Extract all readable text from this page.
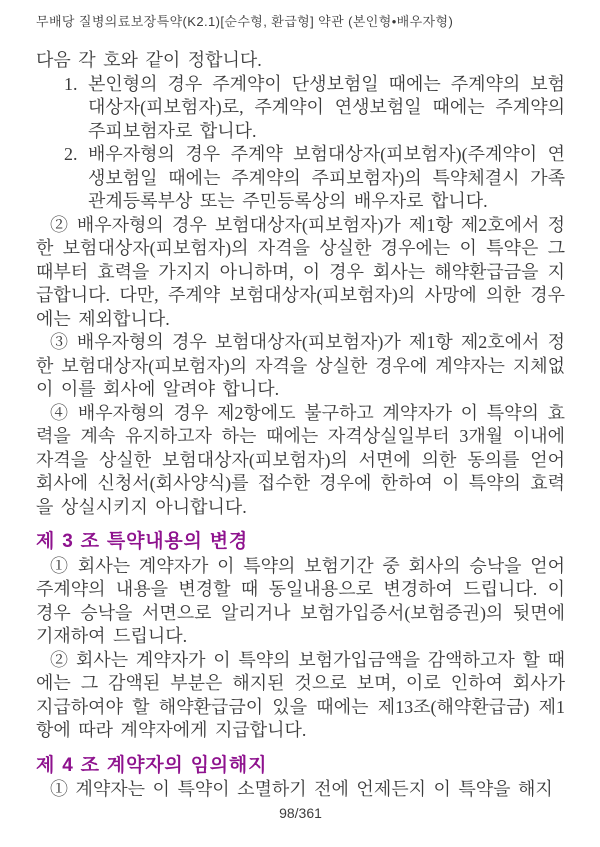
무배당 질병의료보장특약(K2.1)[순수형, 환급형] 약관 (본인형•배우자형)

다음 각 호와 같이 정합니다.

1. 본인형의 경우 주계약이 단생보험일 때에는 주계약의 보험대상자(피보험자)로, 주계약이 연생보험일 때에는 주계약의 주피보험자로 합니다.
2. 배우자형의 경우 주계약 보험대상자(피보험자)(주계약이 연생보험일 때에는 주계약의 주피보험자)의 특약체결시 가족관계등록부상 또는 주민등록상의 배우자로 합니다.

② 배우자형의 경우 보험대상자(피보험자)가 제1항 제2호에서 정한 보험대상자(피보험자)의 자격을 상실한 경우에는 이 특약은 그 때부터 효력을 가지지 아니하며, 이 경우 회사는 해약환급금을 지급합니다. 다만, 주계약 보험대상자(피보험자)의 사망에 의한 경우에는 제외합니다.

③ 배우자형의 경우 보험대상자(피보험자)가 제1항 제2호에서 정한 보험대상자(피보험자)의 자격을 상실한 경우에 계약자는 지체없이 이를 회사에 알려야 합니다.

④ 배우자형의 경우 제2항에도 불구하고 계약자가 이 특약의 효력을 계속 유지하고자 하는 때에는 자격상실일부터 3개월 이내에 자격을 상실한 보험대상자(피보험자)의 서면에 의한 동의를 얻어 회사에 신청서(회사양식)를 접수한 경우에 한하여 이 특약의 효력을 상실시키지 아니합니다.

제 3 조 특약내용의 변경

① 회사는 계약자가 이 특약의 보험기간 중 회사의 승낙을 얻어 주계약의 내용을 변경할 때 동일내용으로 변경하여 드립니다. 이 경우 승낙을 서면으로 알리거나 보험가입증서(보험증권)의 뒷면에 기재하여 드립니다.

② 회사는 계약자가 이 특약의 보험가입금액을 감액하고자 할 때에는 그 감액된 부분은 해지된 것으로 보며, 이로 인하여 회사가 지급하여야 할 해약환급금이 있을 때에는 제13조(해약환급금) 제1항에 따라 계약자에게 지급합니다.

제 4 조 계약자의 임의해지

① 계약자는 이 특약이 소멸하기 전에 언제든지 이 특약을 해지

98/361
